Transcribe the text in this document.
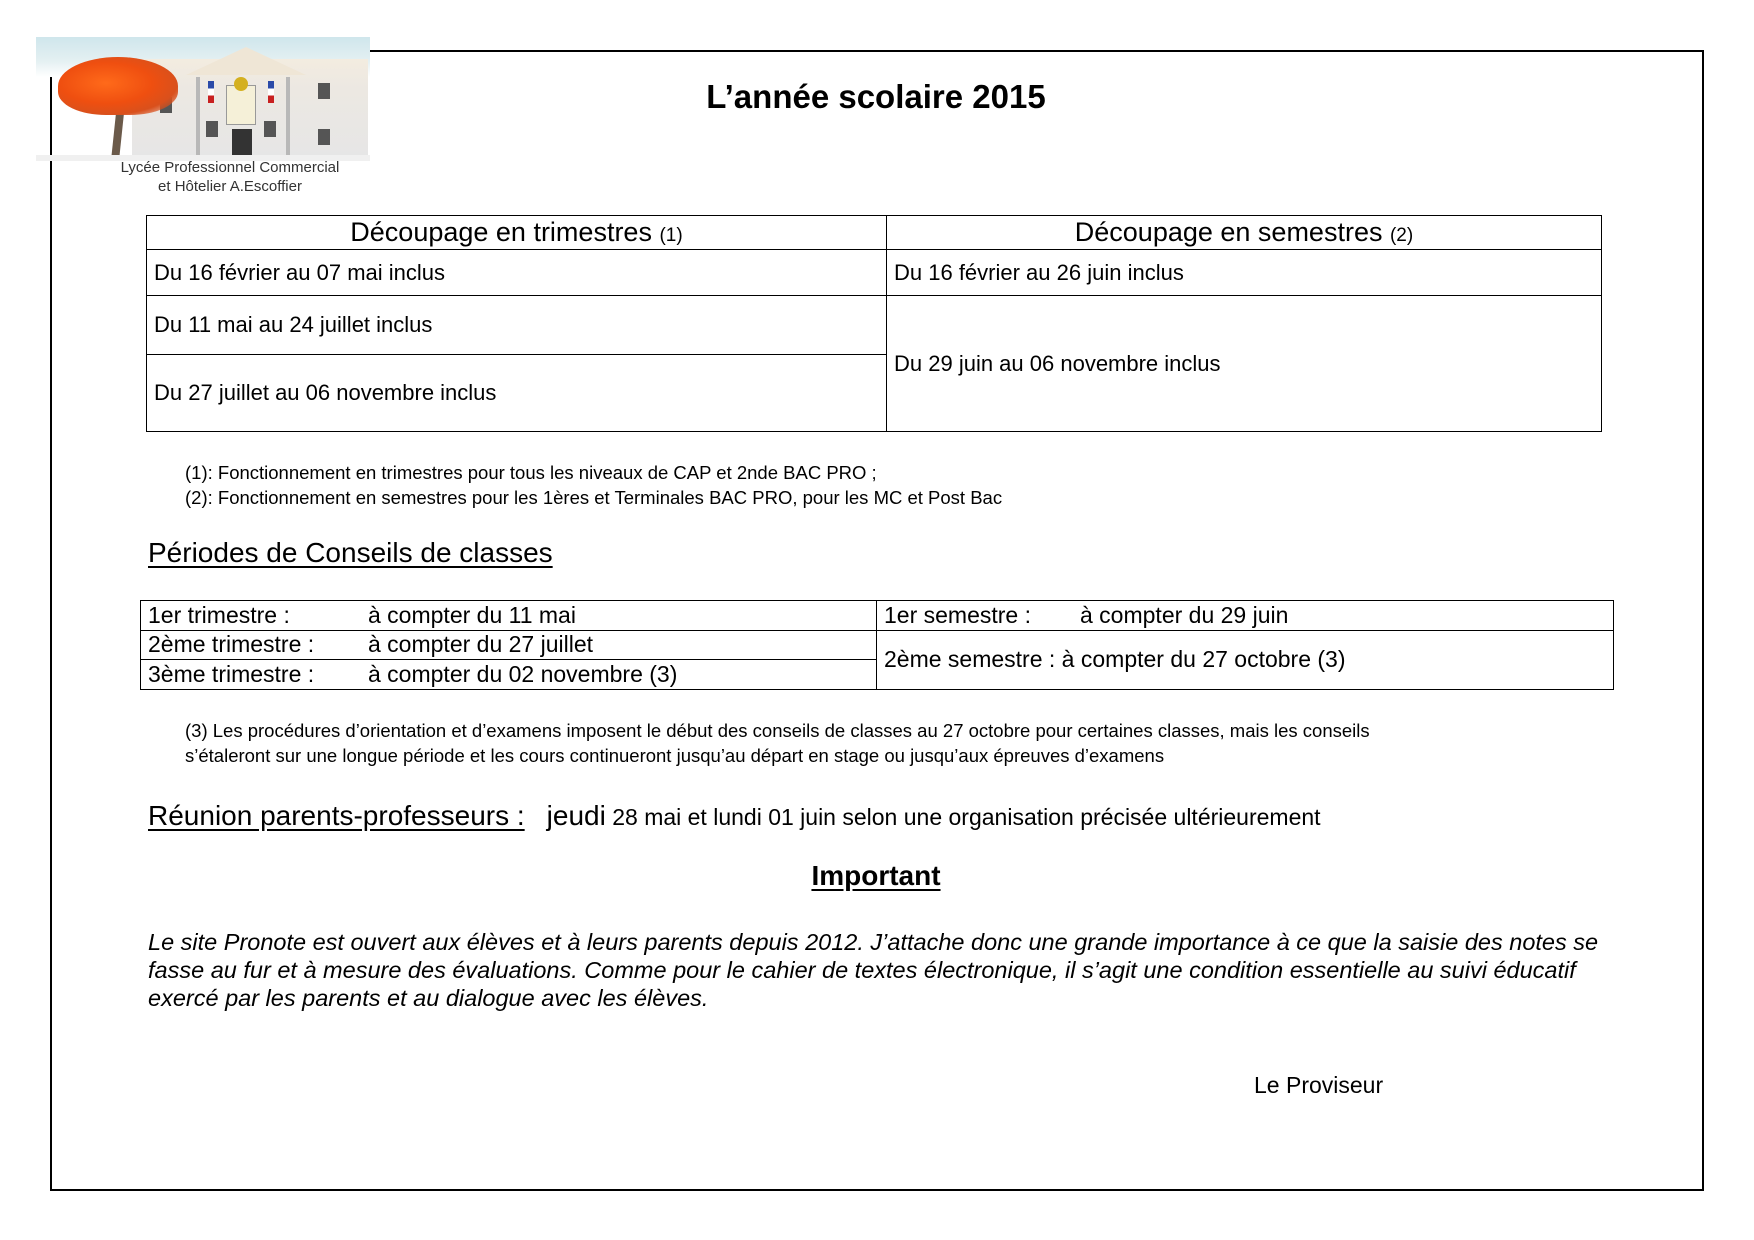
Lycée Professionnel Commercial
et Hôtelier A.Escoffier
L’année scolaire 2015
Découpage en trimestres (1)	Découpage en semestres (2)
Du 16 février au 07 mai inclus	Du 16 février au 26 juin inclus
Du 11 mai au 24 juillet inclus	Du 29 juin au 06 novembre inclus
Du 27 juillet au 06 novembre inclus	
(1): Fonctionnement en trimestres pour tous les niveaux de CAP et 2nde BAC PRO ;
(2): Fonctionnement en semestres pour les 1ères et Terminales BAC PRO, pour les MC et Post Bac
Périodes de Conseils de classes
1er trimestre : à compter du 11 mai	1er semestre : à compter du 29 juin
2ème trimestre : à compter du 27 juillet	2ème semestre : à compter du 27 octobre (3)
3ème trimestre : à compter du 02 novembre (3)	
(3) Les procédures d’orientation et d’examens imposent le début des conseils de classes au 27 octobre pour certaines classes, mais les conseils
s’étaleront sur une longue période et les cours continueront jusqu’au départ en stage ou jusqu’aux épreuves d’examens
Réunion parents-professeurs : jeudi 28 mai et lundi 01 juin selon une organisation précisée ultérieurement
Important
Le site Pronote est ouvert aux élèves et à leurs parents depuis 2012. J’attache donc une grande importance à ce que la saisie des notes se fasse au fur et à mesure des évaluations. Comme pour le cahier de textes électronique, il s’agit une condition essentielle au suivi éducatif exercé par les parents et au dialogue avec les élèves.
Le Proviseur
